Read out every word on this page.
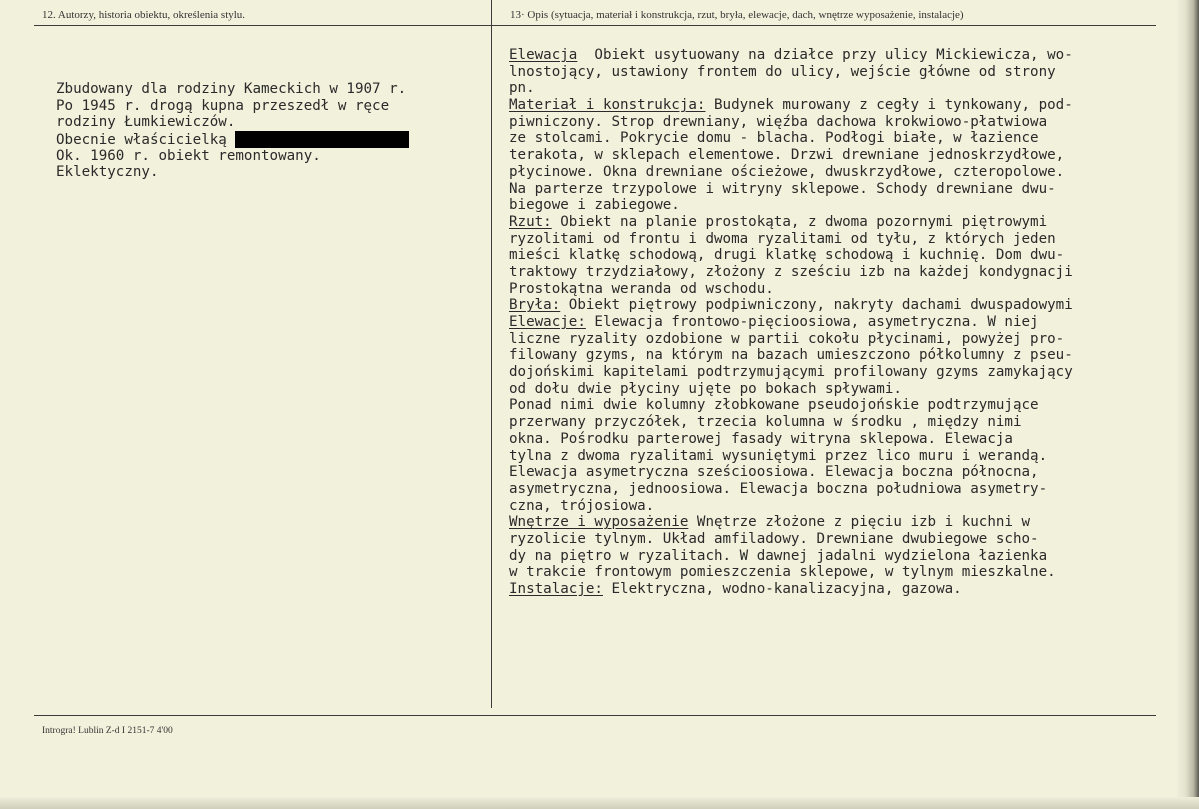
12. Autorzy, historia obiektu, określenia stylu.	13· Opis (sytuacja, materiał i konstrukcja, rzut, bryła, elewacje, dach, wnętrze wyposażenie, instalacje)
Zbudowany dla rodziny Kameckich w 1907 r.
Po 1945 r. drogą kupna przeszedł w ręce
rodziny Łumkiewiczów.
Obecnie właścicielką
Ok. 1960 r. obiekt remontowany.
Eklektyczny.
Elewacja  Obiekt usytuowany na działce przy ulicy Mickiewicza, wo-
lnostojący, ustawiony frontem do ulicy, wejście główne od strony
pn.
Materiał i konstrukcja: Budynek murowany z cegły i tynkowany, pod-
piwniczony. Strop drewniany, więźba dachowa krokwiowo-płatwiowa
ze stolcami. Pokrycie domu - blacha. Podłogi białe, w łazience
terakota, w sklepach elementowe. Drzwi drewniane jednoskrzydłowe,
płycinowe. Okna drewniane ościeżowe, dwuskrzydłowe, czteropolowe.
Na parterze trzypolowe i witryny sklepowe. Schody drewniane dwu-
biegowe i zabiegowe.
Rzut: Obiekt na planie prostokąta, z dwoma pozornymi piętrowymi
ryzolitami od frontu i dwoma ryzalitami od tyłu, z których jeden
mieści klatkę schodową, drugi klatkę schodową i kuchnię. Dom dwu-
traktowy trzydziałowy, złożony z sześciu izb na każdej kondygnacji
Prostokątna weranda od wschodu.
Bryła: Obiekt piętrowy podpiwniczony, nakryty dachami dwuspadowymi
Elewacje: Elewacja frontowo-pięcioosiowa, asymetryczna. W niej
liczne ryzality ozdobione w partii cokołu płycinami, powyżej pro-
filowany gzyms, na którym na bazach umieszczono półkolumny z pseu-
dojońskimi kapitelami podtrzymującymi profilowany gzyms zamykający
od dołu dwie płyciny ujęte po bokach spływami.
Ponad nimi dwie kolumny złobkowane pseudojońskie podtrzymujące
przerwany przyczółek, trzecia kolumna w środku , między nimi
okna. Pośrodku parterowej fasady witryna sklepowa. Elewacja
tylna z dwoma ryzalitami wysuniętymi przez lico muru i werandą.
Elewacja asymetryczna sześcioosiowa. Elewacja boczna północna,
asymetryczna, jednoosiowa. Elewacja boczna południowa asymetry-
czna, trójosiowa.
Wnętrze i wyposażenie Wnętrze złożone z pięciu izb i kuchni w
ryzolicie tylnym. Układ amfiladowy. Drewniane dwubiegowe scho-
dy na piętro w ryzalitach. W dawnej jadalni wydzielona łazienka
w trakcie frontowym pomieszczenia sklepowe, w tylnym mieszkalne.
Instalacje: Elektryczna, wodno-kanalizacyjna, gazowa.
Introgra! Lublin Z-d I 2151-7 4'00
